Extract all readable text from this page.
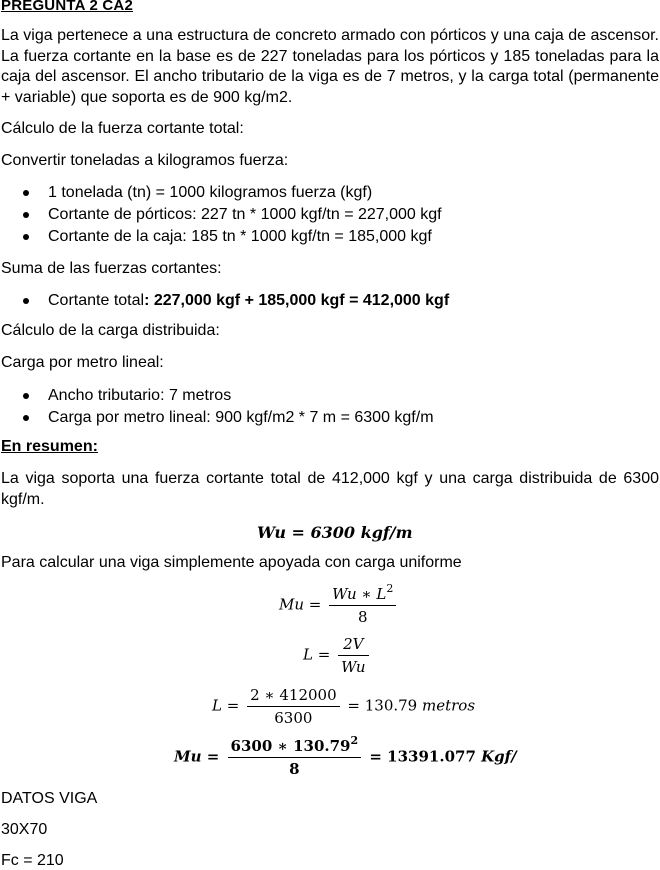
PREGUNTA 2 CA2
La viga pertenece a una estructura de concreto armado con pórticos y una caja de ascensor. La fuerza cortante en la base es de 227 toneladas para los pórticos y 185 toneladas para la caja del ascensor. El ancho tributario de la viga es de 7 metros, y la carga total (permanente + variable) que soporta es de 900 kg/m2.
Cálculo de la fuerza cortante total:
Convertir toneladas a kilogramos fuerza:
1 tonelada (tn) = 1000 kilogramos fuerza (kgf)
Cortante de pórticos: 227 tn * 1000 kgf/tn = 227,000 kgf
Cortante de la caja: 185 tn * 1000 kgf/tn = 185,000 kgf
Suma de las fuerzas cortantes:
Cortante total: 227,000 kgf + 185,000 kgf = 412,000 kgf
Cálculo de la carga distribuida:
Carga por metro lineal:
Ancho tributario: 7 metros
Carga por metro lineal: 900 kgf/m2 * 7 m = 6300 kgf/m
En resumen:
La viga soporta una fuerza cortante total de 412,000 kgf y una carga distribuida de 6300 kgf/m.
Wu = 6300 kgf/m
Para calcular una viga simplemente apoyada con carga uniforme
$Mu = \frac{Wu ∗ L^2}{8}$
$L = \frac{2V}{Wu}$
$L = \frac{2 ∗ 412000}{6300} = 130.79$ metros
$Mu = \frac{6300 ∗ 130.79^2}{8} = 13391.077$ Kgf/
DATOS VIGA
30X70
Fc = 210
